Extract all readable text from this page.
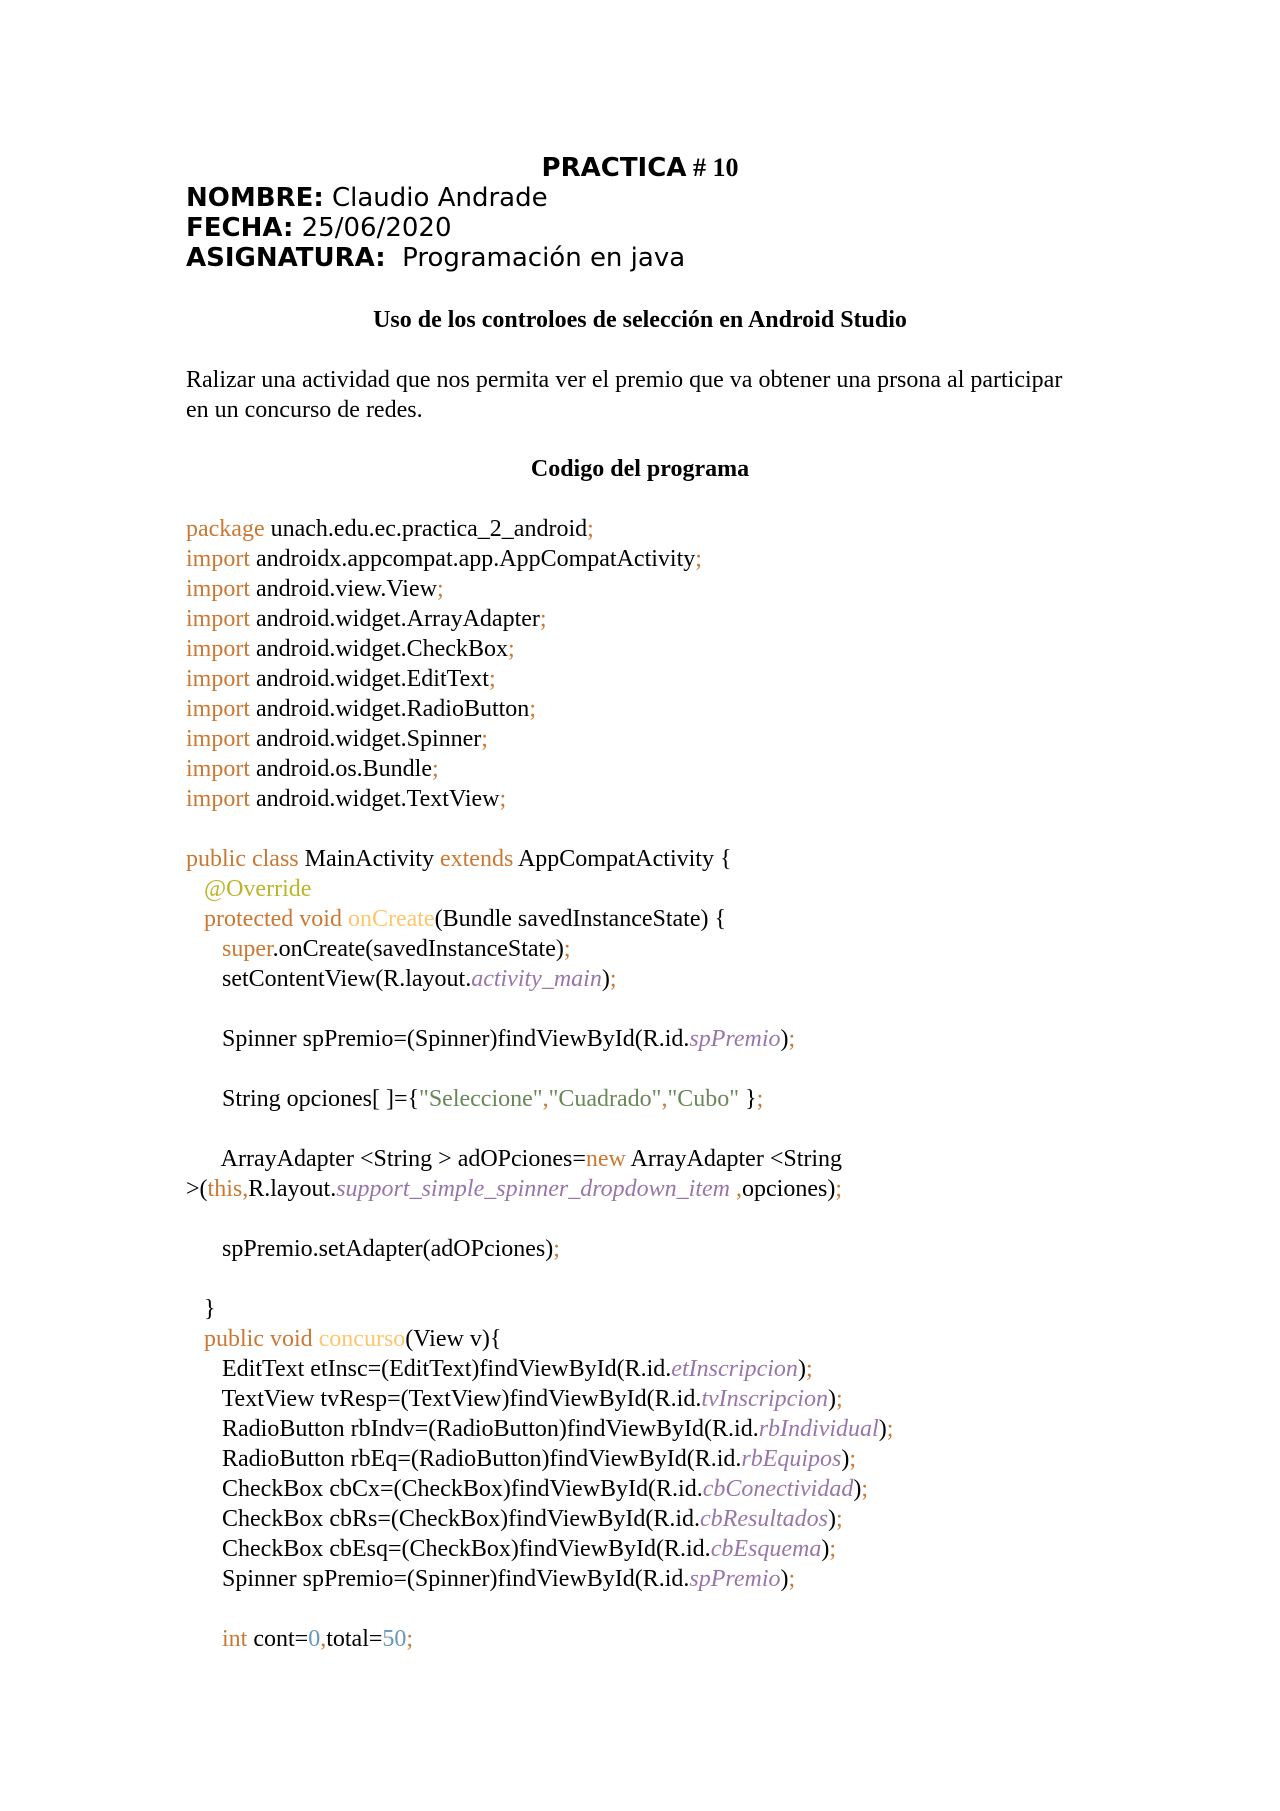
PRACTICA # 10
NOMBRE: Claudio Andrade
FECHA: 25/06/2020
ASIGNATURA:  Programación en java
Uso de los controloes de selección en Android Studio
Ralizar una actividad que nos permita ver el premio que va obtener una prsona al participar en un concurso de redes.
Codigo del programa
package unach.edu.ec.practica_2_android;
import androidx.appcompat.app.AppCompatActivity;
import android.view.View;
import android.widget.ArrayAdapter;
import android.widget.CheckBox;
import android.widget.EditText;
import android.widget.RadioButton;
import android.widget.Spinner;
import android.os.Bundle;
import android.widget.TextView;
public class MainActivity extends AppCompatActivity {
@Override
protected void onCreate(Bundle savedInstanceState) {
super.onCreate(savedInstanceState);
setContentView(R.layout.activity_main);
Spinner spPremio=(Spinner)findViewById(R.id.spPremio);
String opciones[ ]={"Seleccione","Cuadrado","Cubo" };
ArrayAdapter <String > adOPciones=new ArrayAdapter <String
>(this,R.layout.support_simple_spinner_dropdown_item ,opciones);
spPremio.setAdapter(adOPciones);
}
public void concurso(View v){
EditText etInsc=(EditText)findViewById(R.id.etInscripcion);
TextView tvResp=(TextView)findViewById(R.id.tvInscripcion);
RadioButton rbIndv=(RadioButton)findViewById(R.id.rbIndividual);
RadioButton rbEq=(RadioButton)findViewById(R.id.rbEquipos);
CheckBox cbCx=(CheckBox)findViewById(R.id.cbConectividad);
CheckBox cbRs=(CheckBox)findViewById(R.id.cbResultados);
CheckBox cbEsq=(CheckBox)findViewById(R.id.cbEsquema);
Spinner spPremio=(Spinner)findViewById(R.id.spPremio);
int cont=0,total=50;
